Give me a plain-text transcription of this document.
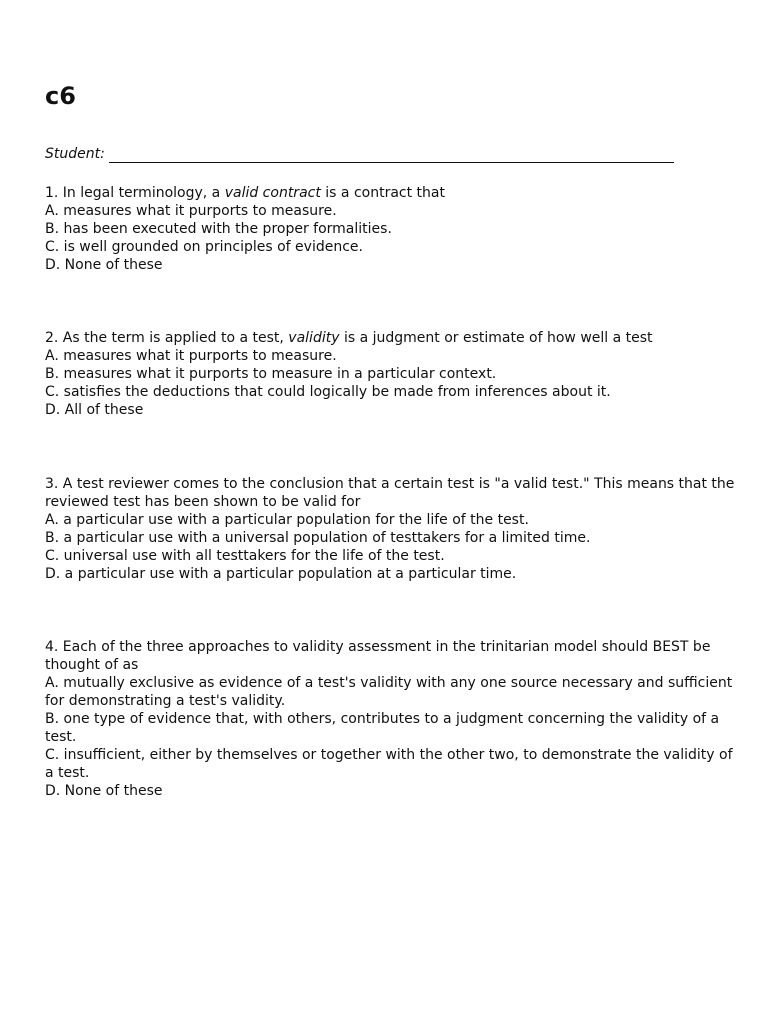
c6
Student:
1. In legal terminology, a valid contract is a contract that
A. measures what it purports to measure.
B. has been executed with the proper formalities.
C. is well grounded on principles of evidence.
D. None of these
2. As the term is applied to a test, validity is a judgment or estimate of how well a test
A. measures what it purports to measure.
B. measures what it purports to measure in a particular context.
C. satisfies the deductions that could logically be made from inferences about it.
D. All of these
3. A test reviewer comes to the conclusion that a certain test is "a valid test." This means that the reviewed test has been shown to be valid for
A. a particular use with a particular population for the life of the test.
B. a particular use with a universal population of testtakers for a limited time.
C. universal use with all testtakers for the life of the test.
D. a particular use with a particular population at a particular time.
4. Each of the three approaches to validity assessment in the trinitarian model should BEST be thought of as
A. mutually exclusive as evidence of a test's validity with any one source necessary and sufficient for demonstrating a test's validity.
B. one type of evidence that, with others, contributes to a judgment concerning the validity of a test.
C. insufficient, either by themselves or together with the other two, to demonstrate the validity of a test.
D. None of these
